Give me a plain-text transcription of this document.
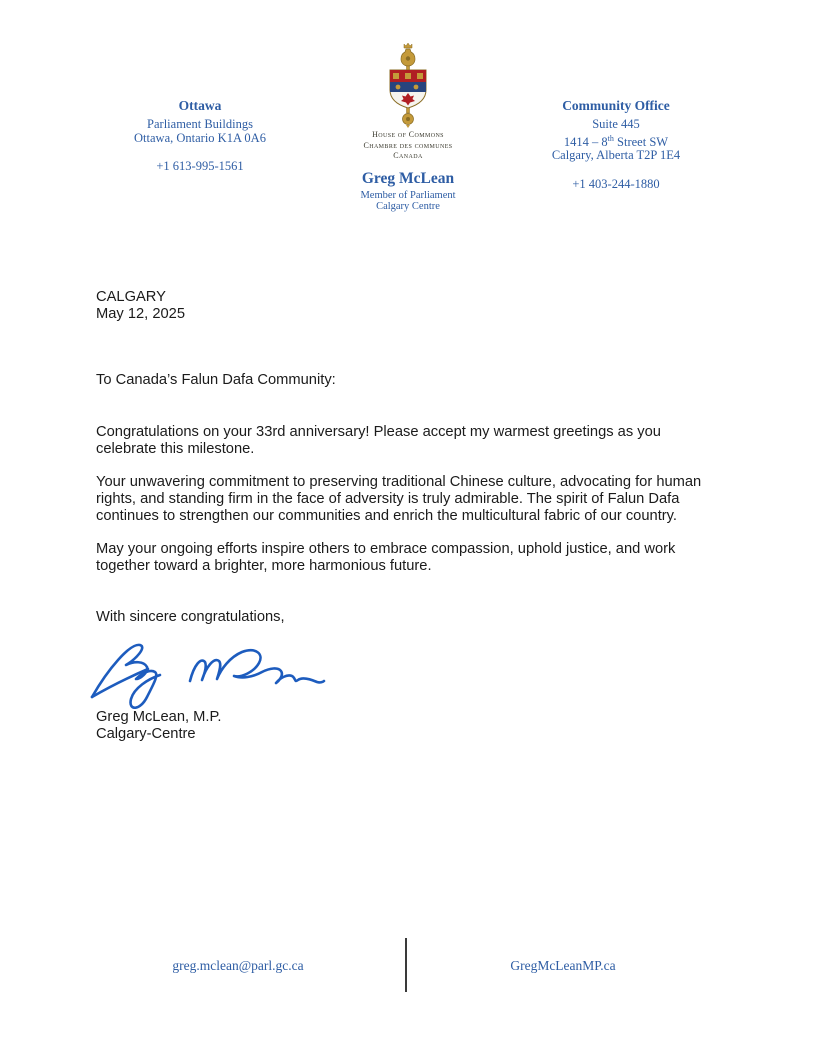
Ottawa
Parliament Buildings
Ottawa, Ontario K1A 0A6
+1 613-995-1561
House of Commons
Chambre des communes
Canada
Greg McLean
Member of Parliament
Calgary Centre
Community Office
Suite 445
1414 – 8th Street SW
Calgary, Alberta T2P 1E4
+1 403-244-1880
CALGARY
May 12, 2025

To Canada’s Falun Dafa Community:

Congratulations on your 33rd anniversary! Please accept my warmest greetings as you celebrate this milestone.

Your unwavering commitment to preserving traditional Chinese culture, advocating for human rights, and standing firm in the face of adversity is truly admirable. The spirit of Falun Dafa continues to strengthen our communities and enrich the multicultural fabric of our country.

May your ongoing efforts inspire others to embrace compassion, uphold justice, and work together toward a brighter, more harmonious future.

With sincere congratulations,

Greg McLean, M.P.
Calgary-Centre
greg.mclean@parl.gc.ca	GregMcLeanMP.ca
